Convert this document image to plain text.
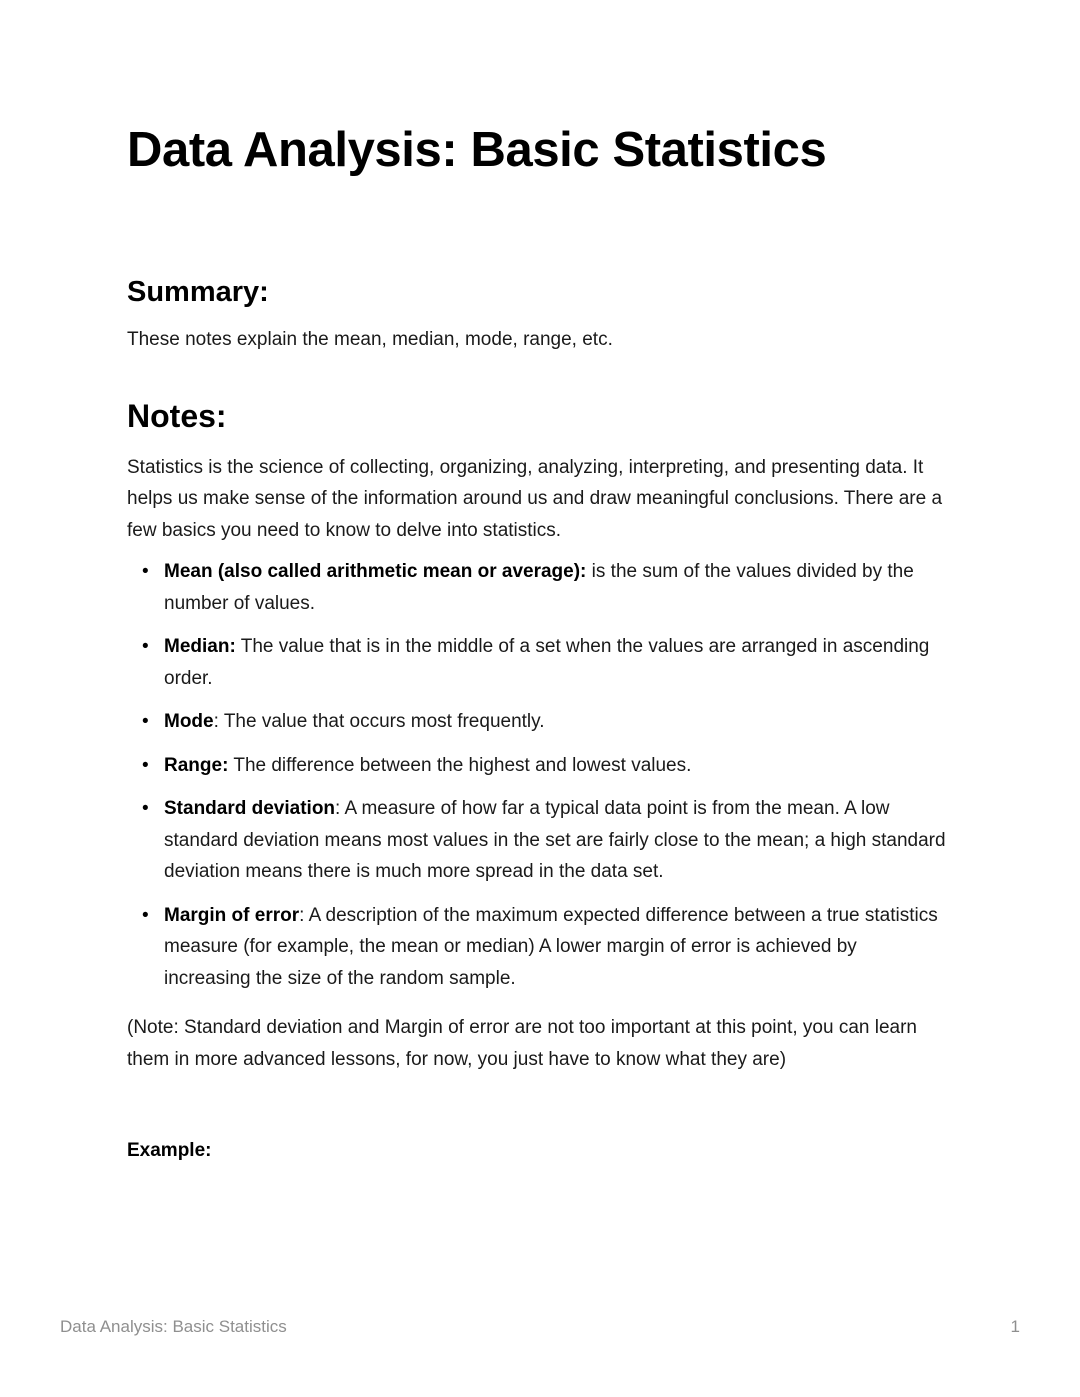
Data Analysis: Basic Statistics
Summary:

These notes explain the mean, median, mode, range, etc.

Notes:

Statistics is the science of collecting, organizing, analyzing, interpreting, and presenting data. It helps us make sense of the information around us and draw meaningful conclusions. There are a few basics you need to know to delve into statistics.

• Mean (also called arithmetic mean or average): is the sum of the values divided by the number of values.
• Median: The value that is in the middle of a set when the values are arranged in ascending order.
• Mode: The value that occurs most frequently.
• Range: The difference between the highest and lowest values.
• Standard deviation: A measure of how far a typical data point is from the mean. A low standard deviation means most values in the set are fairly close to the mean; a high standard deviation means there is much more spread in the data set.
• Margin of error: A description of the maximum expected difference between a true statistics measure (for example, the mean or median) A lower margin of error is achieved by increasing the size of the random sample.

(Note: Standard deviation and Margin of error are not too important at this point, you can learn them in more advanced lessons, for now, you just have to know what they are)

Example:

Data Analysis: Basic Statistics	1
